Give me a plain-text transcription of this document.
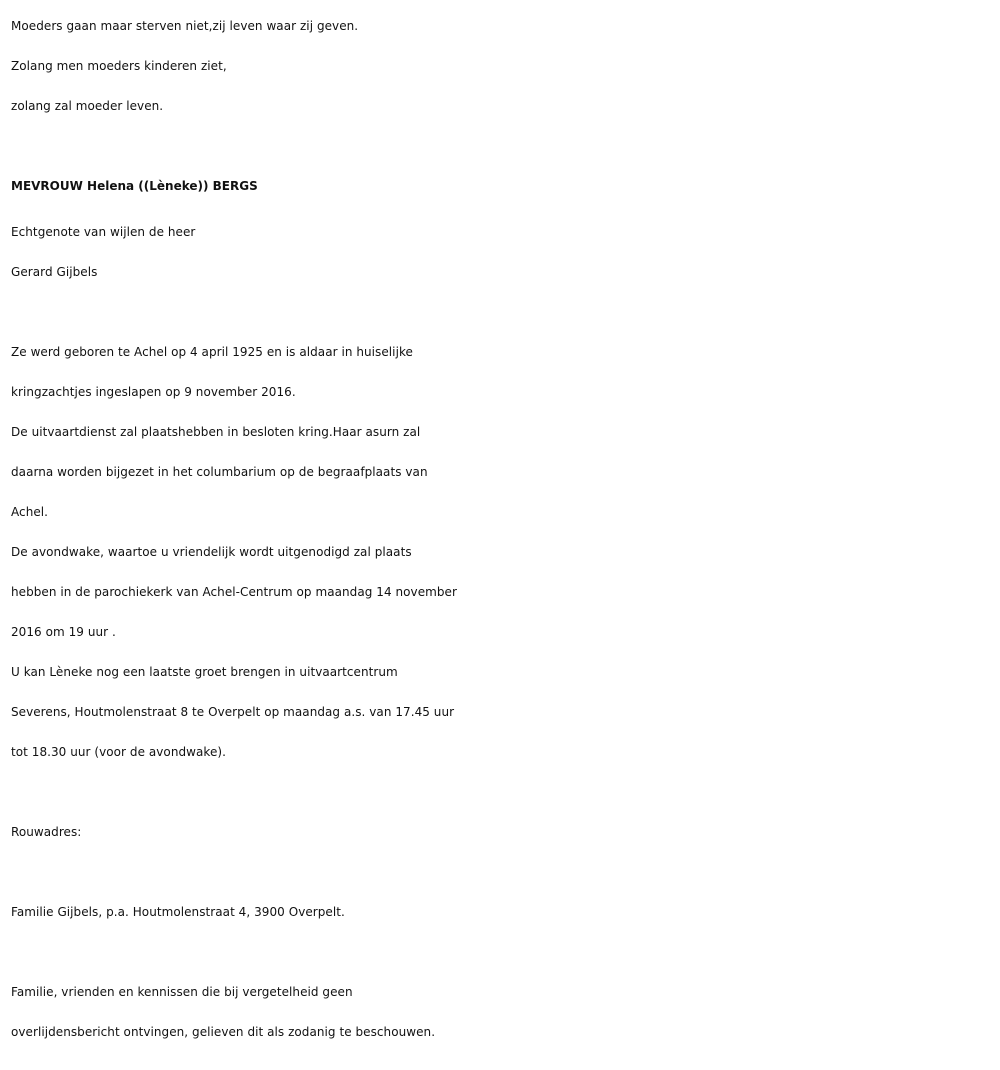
Moeders gaan maar sterven niet,zij leven waar zij geven.
Zolang men moeders kinderen ziet,
zolang zal moeder leven.
MEVROUW Helena ((Lèneke)) BERGS
Echtgenote van wijlen de heer
Gerard Gijbels
Ze werd geboren te Achel op 4 april 1925 en is aldaar in huiselijke
kringzachtjes ingeslapen op 9 november 2016.
De uitvaartdienst zal plaatshebben in besloten kring.Haar asurn zal
daarna worden bijgezet in het columbarium op de begraafplaats van
Achel.
De avondwake, waartoe u vriendelijk wordt uitgenodigd zal plaats
hebben in de parochiekerk van Achel-Centrum op maandag 14 november
2016 om 19 uur .
U kan Lèneke nog een laatste groet brengen in uitvaartcentrum
Severens, Houtmolenstraat 8 te Overpelt op maandag a.s. van 17.45 uur
tot 18.30 uur (voor de avondwake).
Rouwadres:
Familie Gijbels, p.a. Houtmolenstraat 4, 3900 Overpelt.
Familie, vrienden en kennissen die bij vergetelheid geen
overlijdensbericht ontvingen, gelieven dit als zodanig te beschouwen.
